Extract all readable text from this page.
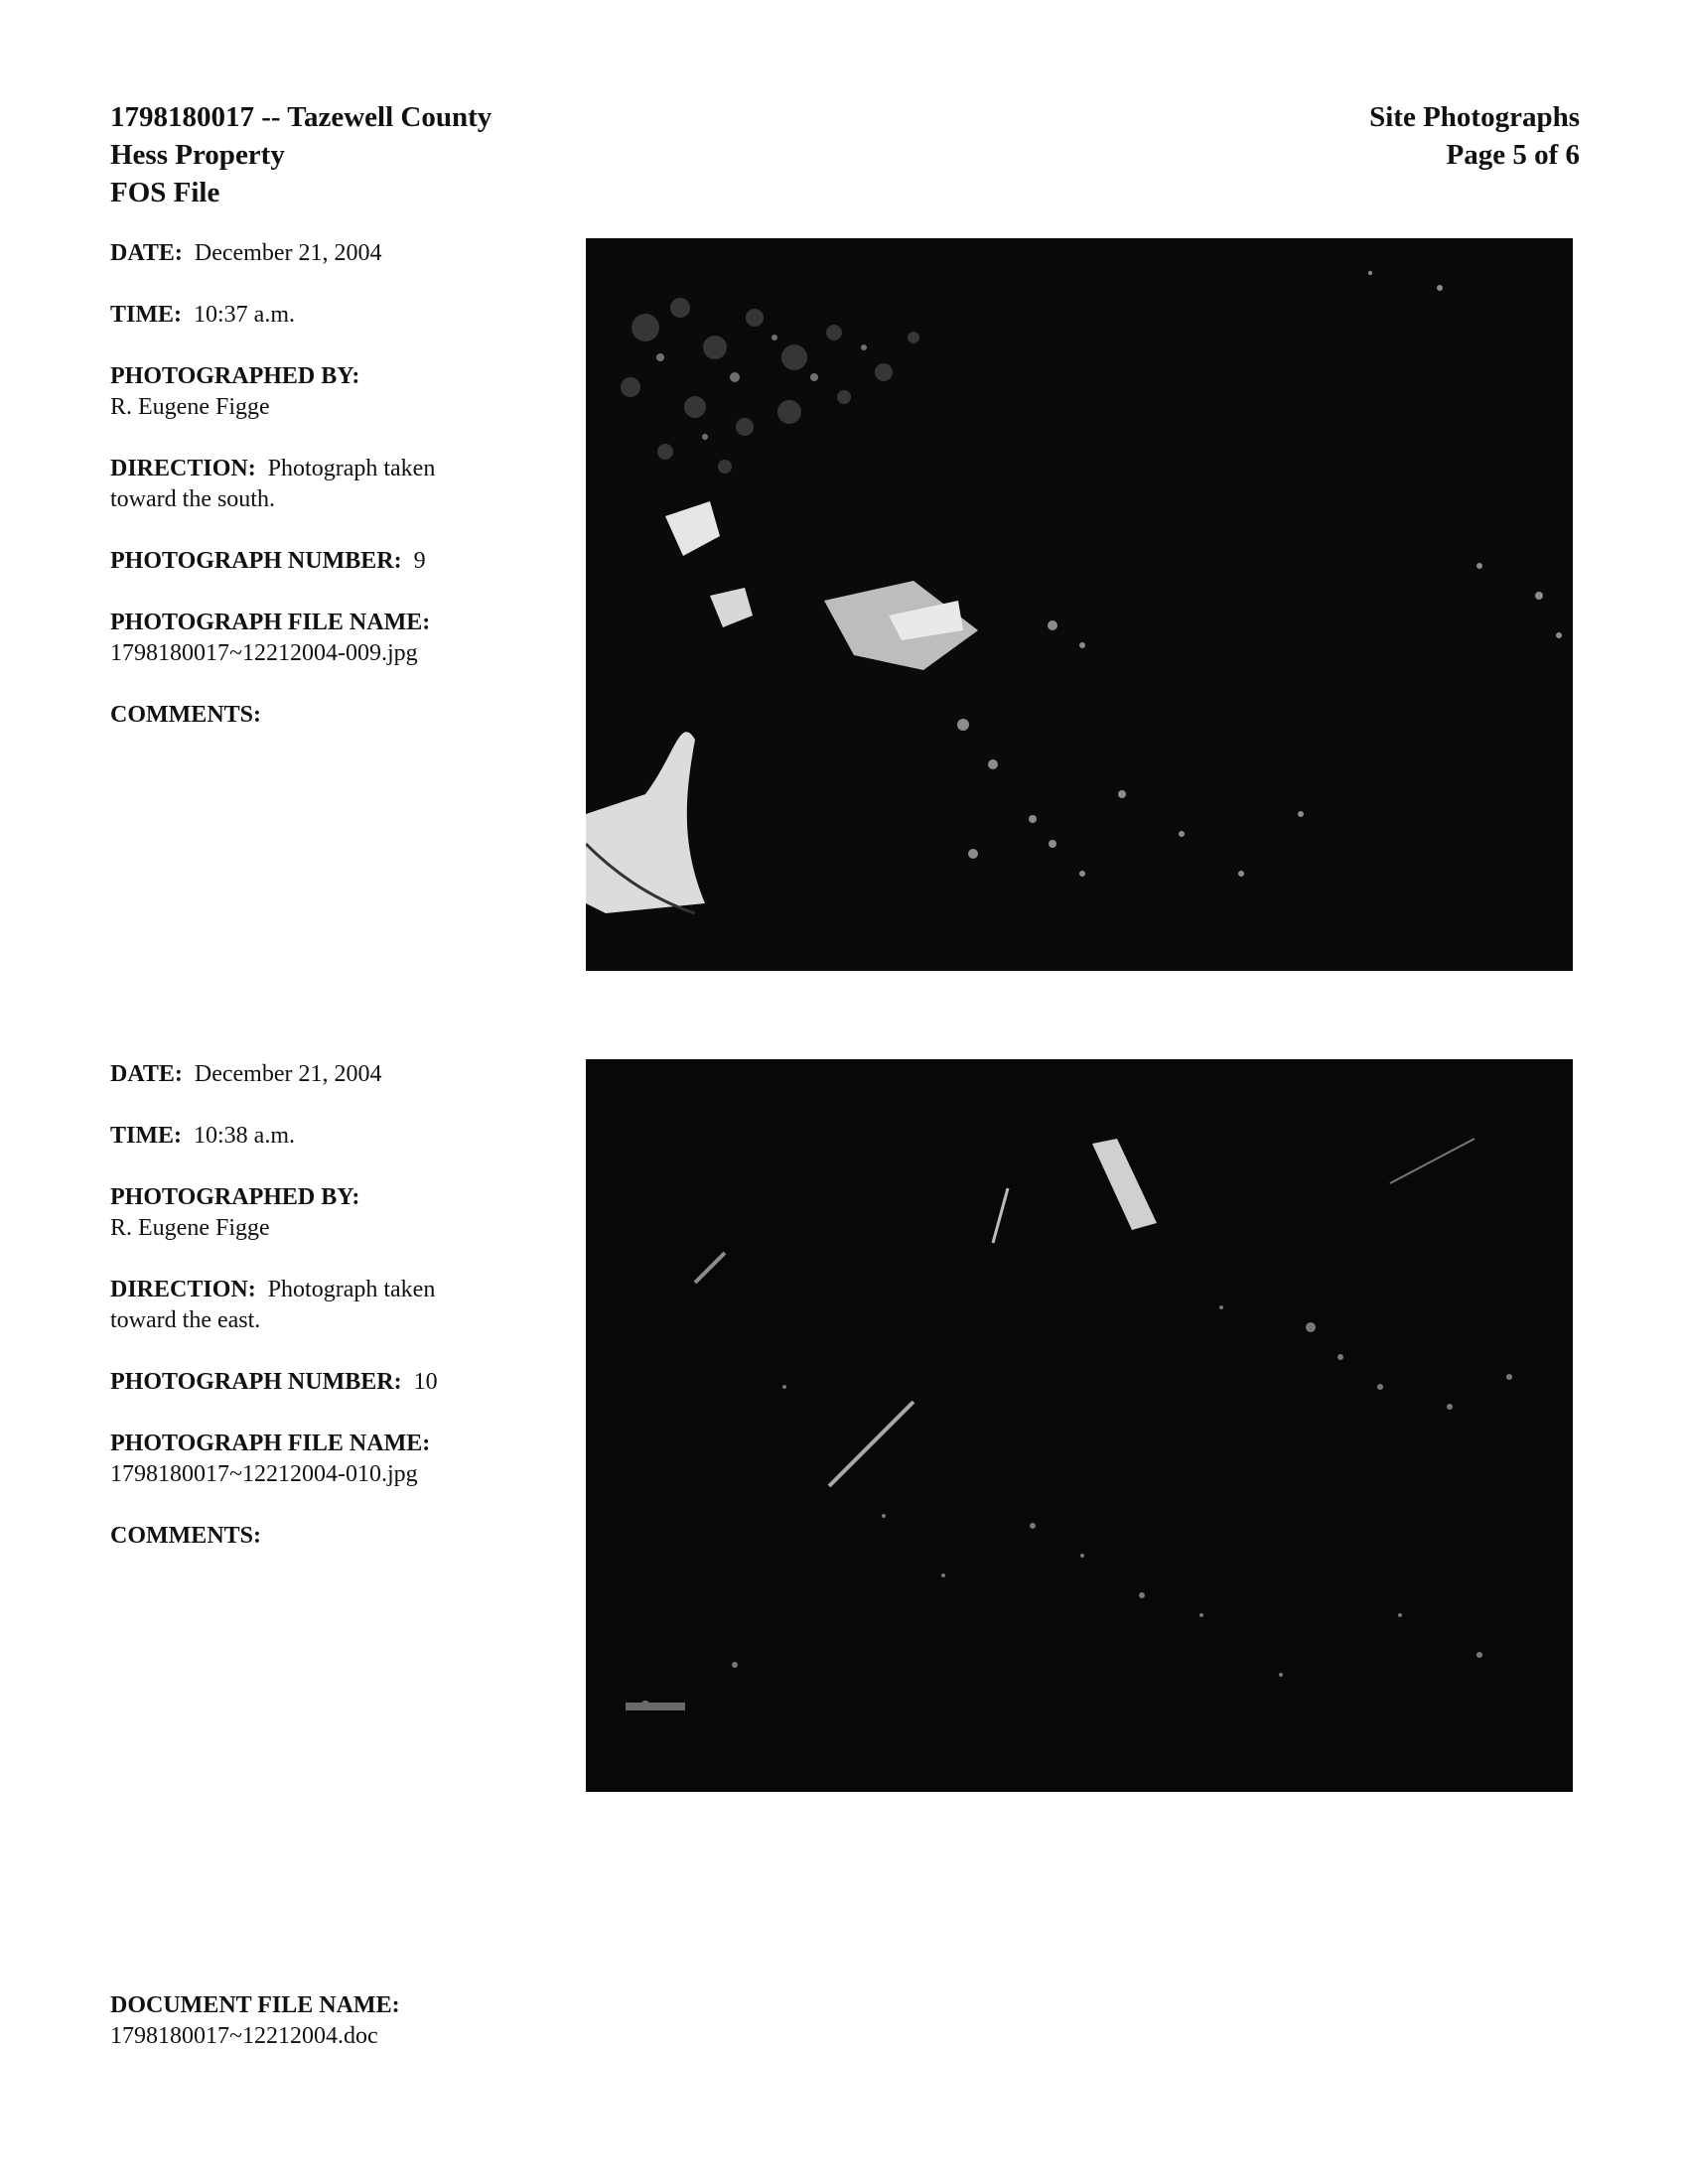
1798180017 -- Tazewell County
Hess Property
FOS File
Site Photographs
Page 5 of 6
DATE: December 21, 2004
TIME: 10:37 a.m.
PHOTOGRAPHED BY:
R. Eugene Figge
DIRECTION: Photograph taken
toward the south.
PHOTOGRAPH NUMBER: 9
PHOTOGRAPH FILE NAME:
1798180017~12212004-009.jpg
COMMENTS:
DATE: December 21, 2004
TIME: 10:38 a.m.
PHOTOGRAPHED BY:
R. Eugene Figge
DIRECTION: Photograph taken
toward the east.
PHOTOGRAPH NUMBER: 10
PHOTOGRAPH FILE NAME:
1798180017~12212004-010.jpg
COMMENTS:
DOCUMENT FILE NAME:
1798180017~12212004.doc
